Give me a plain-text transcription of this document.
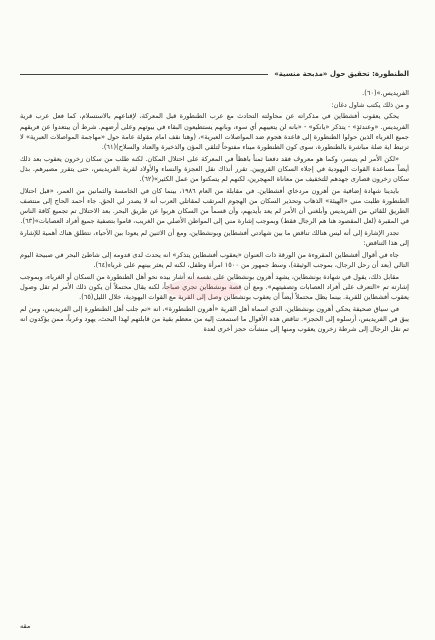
الطنطورة: تحقيق حول «مذبحة منسية»

الفريديس.»(٦٠).

و من ذلك يكتب شاول دغان:

يحكي يعقوب أفشطاين في مذكراته عن محاولته التحادث مع عرب الطنطورة قبل المعركة، لإقناعهم بالاستسلام، كما فعل عرب قرية الفريديس. «وعندئذٍ» - يتذكر «يانكو» - «بانه لن يتعيبهم أي سوء، وبانهم يستطيعون البقاء في بيوتهم وعلى أرضهم. شرط أن يبتعدوا عن فريقهم جميع الغرباء الذين حولوا الطنطورة إلى قاعدة هجوم ضد المواصلات العبرية»، (وهنا نقف امام مقولة عامة حول «مهاجمة المواصلات العبرية» لا ترتبط اية صلة مباشرة بالطنطورة، سوى كون الطنطورة ميناء مفتوحاً لتلقي المؤن والذخيرة والعتاد والسلاح)(٦١).

«لكن الأمر لم يتيسر، وكما هو معروف فقد دفعنا ثمناً باهظاً في المعركة على احتلال المكان. لكنه طلب من سكان زخرون يعقوب بعد ذلك أيضاً مساعدة القوات اليهودية في إجلاء السكان القرويين. تقرر أنذاك نقل العجزة والنساء والأولاد لقرية الفريديس، حتى يتقرر مصيرهم. بذل سكان زخرون قصارى جهدهم للتخفيف من معاناة المهجرين، لكنهم لم يتمكنوا من عمل الكثير»(٦٢).

بايدينا شهادة إضافية من أهرون مردخاي أفشطاين. في مقابلة من العام ١٩٨٦، بينما كان في الخامسة والثمانين من العمر، «قبل احتلال الطنطورة طلبت مني «الهيئة» الذهاب وتحذير السكان من الهجوم المرتقب لمقاتلي العرب أنه لا يصدر لي الحق. جاء أحمد الحاج إلى منتصف الطريق للقائي من الفريديس وأبلغني أن الأمر لم يعد بأيديهم، وأن قسماً من السكان هربوا عن طريق البحر. بعد الاحتلال تم تجميع كافة الناس في المقبرة (لعل المقصود هنا هم الرجال فقط) وبموجب إشارة مني إلى المواطن الأصلي من الغريب، قاموا بتصفية جميع أفراد العصابات»(٦٣).

تجدر الإشارة إلى أنه ليس هنالك تناقض ما بين شهادتي أفشطاين وبونشطاين، ومع أن الاثنين لم يعودا بين الأحياء، نتطلق هناك أهمية للإشارة إلى هذا التناقض:

جاء في أقوال أفشطاين المقروءة من الورقة ذات العنوان «يعقوب أفشطاين يتذكر» انه يحدث لدى قدومه إلى شاطئ البحر في صبيحة اليوم التالي (بعد أن رحل الرجال، بموجب الوثيقة)، وسط جمهور من ١٥٠٠ امرأة وطفل، لكنه لم يعثر بينهم على غرباء(٦٤).

مقابل ذلك، يقول في شهادة بونشطاين، يشهد أهرون بونشطاين على نفسه أنه أشار بيده نحو أهل الطنطورة من السكان أو الغرباء، وبموجب إشارته تم «التعرف على أفراد العصابات وتصفيتهم». ومع أن قصة بونشطاين تجري صباحاً، لكنه يقال محتملاً أن يكون ذلك الأمر لم تقل وصول يعقوب أفشطاين للقرية. بينما يظل محتملاً أيضاً أن يعقوب بونشطاين وصل إلى القرية مع القوات اليهودية، خلال الليل(٦٥).

في سياق صحيفة يحكي أهرون بونشطاين، الذي اسماه أهل القرية «أهرون الطنطورة»، انه «تم جلب أهل الطنطورة إلى الفريديس، ومن لم يبق في الفريديس، أرسلوه إلى الحجز». تناقض هذه الأقوال ما استمعت إليه من معظم بقية من قابلتهم لهذا البحث، يهود وعرباً، ممن يؤكدون انه تم نقل الرجال إلى شرطة زخرون يعقوب ومنها إلى منشآت حجز أخرى لعدة

مقه
